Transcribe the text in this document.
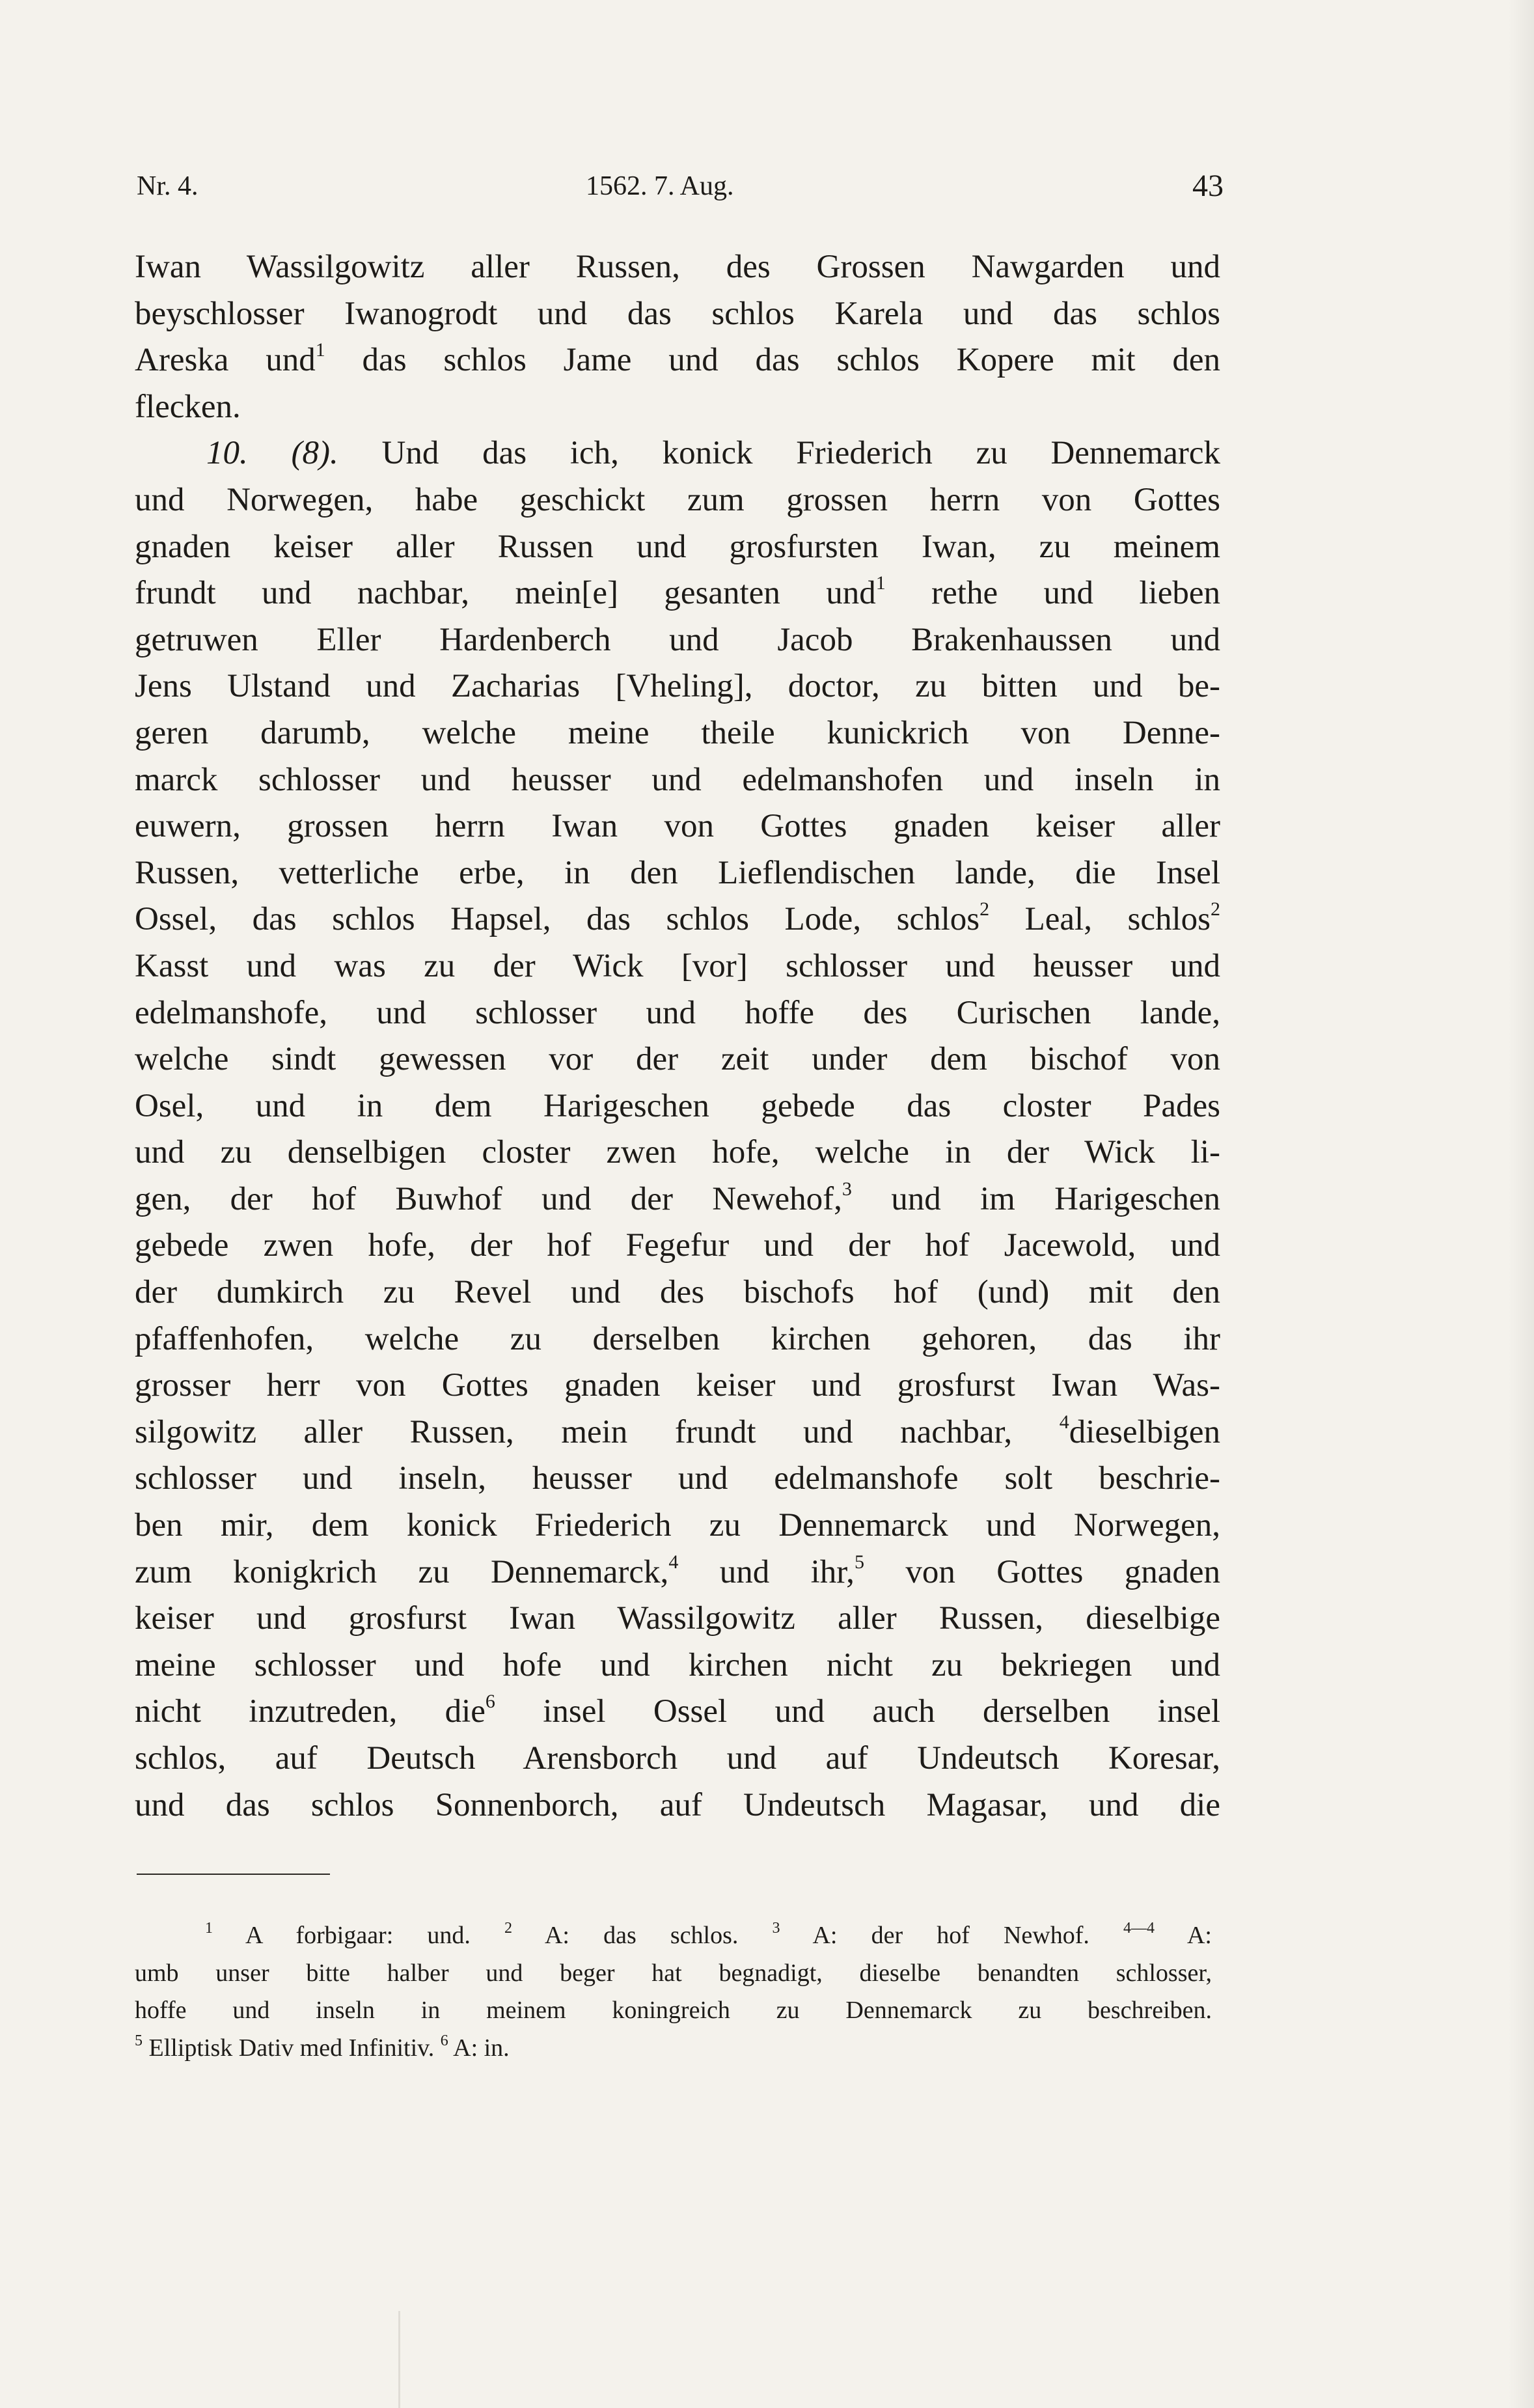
Nr. 4.	1562. 7. Aug.	43
Iwan Wassilgowitz aller Russen, des Grossen Nawgarden und
beyschlosser Iwanogrodt und das schlos Karela und das schlos
Areska und$^1$ das schlos Jame und das schlos Kopere mit den
flecken.
10. (8). Und das ich, konick Friederich zu Dennemarck
und Norwegen, habe geschickt zum grossen herrn von Gottes
gnaden keiser aller Russen und grosfursten Iwan, zu meinem
frundt und nachbar, mein[e] gesanten und$^1$ rethe und lieben
getruwen Eller Hardenberch und Jacob Brakenhaussen und
Jens Ulstand und Zacharias [Vheling], doctor, zu bitten und be-
geren darumb, welche meine theile kunickrich von Denne-
marck schlosser und heusser und edelmanshofen und inseln in
euwern, grossen herrn Iwan von Gottes gnaden keiser aller
Russen, vetterliche erbe, in den Lieflendischen lande, die Insel
Ossel, das schlos Hapsel, das schlos Lode, schlos$^2$ Leal, schlos$^2$
Kasst und was zu der Wick [vor] schlosser und heusser und
edelmanshofe, und schlosser und hoffe des Curischen lande,
welche sindt gewessen vor der zeit under dem bischof von
Osel, und in dem Harigeschen gebede das closter Pades
und zu denselbigen closter zwen hofe, welche in der Wick li-
gen, der hof Buwhof und der Newehof,$^3$ und im Harigeschen
gebede zwen hofe, der hof Fegefur und der hof Jacewold, und
der dumkirch zu Revel und des bischofs hof (und) mit den
pfaffenhofen, welche zu derselben kirchen gehoren, das ihr
grosser herr von Gottes gnaden keiser und grosfurst Iwan Was-
silgowitz aller Russen, mein frundt und nachbar, $^4$dieselbigen
schlosser und inseln, heusser und edelmanshofe solt beschrie-
ben mir, dem konick Friederich zu Dennemarck und Norwegen,
zum konigkrich zu Dennemarck,$^4$ und ihr,$^5$ von Gottes gnaden
keiser und grosfurst Iwan Wassilgowitz aller Russen, dieselbige
meine schlosser und hofe und kirchen nicht zu bekriegen und
nicht inzutreden, die$^6$ insel Ossel und auch derselben insel
schlos, auf Deutsch Arensborch und auf Undeutsch Koresar,
und das schlos Sonnenborch, auf Undeutsch Magasar, und die
$^1$ A forbigaar: und. $^2$ A: das schlos. $^3$ A: der hof Newhof. $^{4—4}$ A:
umb unser bitte halber und beger hat begnadigt, dieselbe benandten schlosser,
hoffe und inseln in meinem koningreich zu Dennemarck zu beschreiben.
$^5$ Elliptisk Dativ med Infinitiv. $^6$ A: in.
